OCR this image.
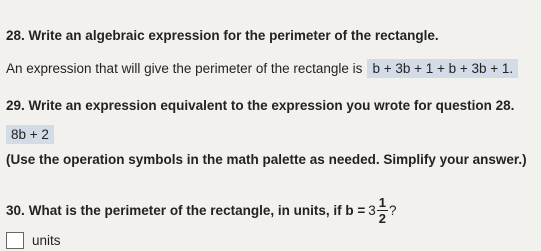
28. Write an algebraic expression for the perimeter of the rectangle.
An expression that will give the perimeter of the rectangle is b + 3b + 1 + b + 3b + 1.
29. Write an expression equivalent to the expression you wrote for question 28.
8b + 2
(Use the operation symbols in the math palette as needed. Simplify your answer.)
30. What is the perimeter of the rectangle, in units, if $b = 3 \frac{1}{2}$ ?
units
